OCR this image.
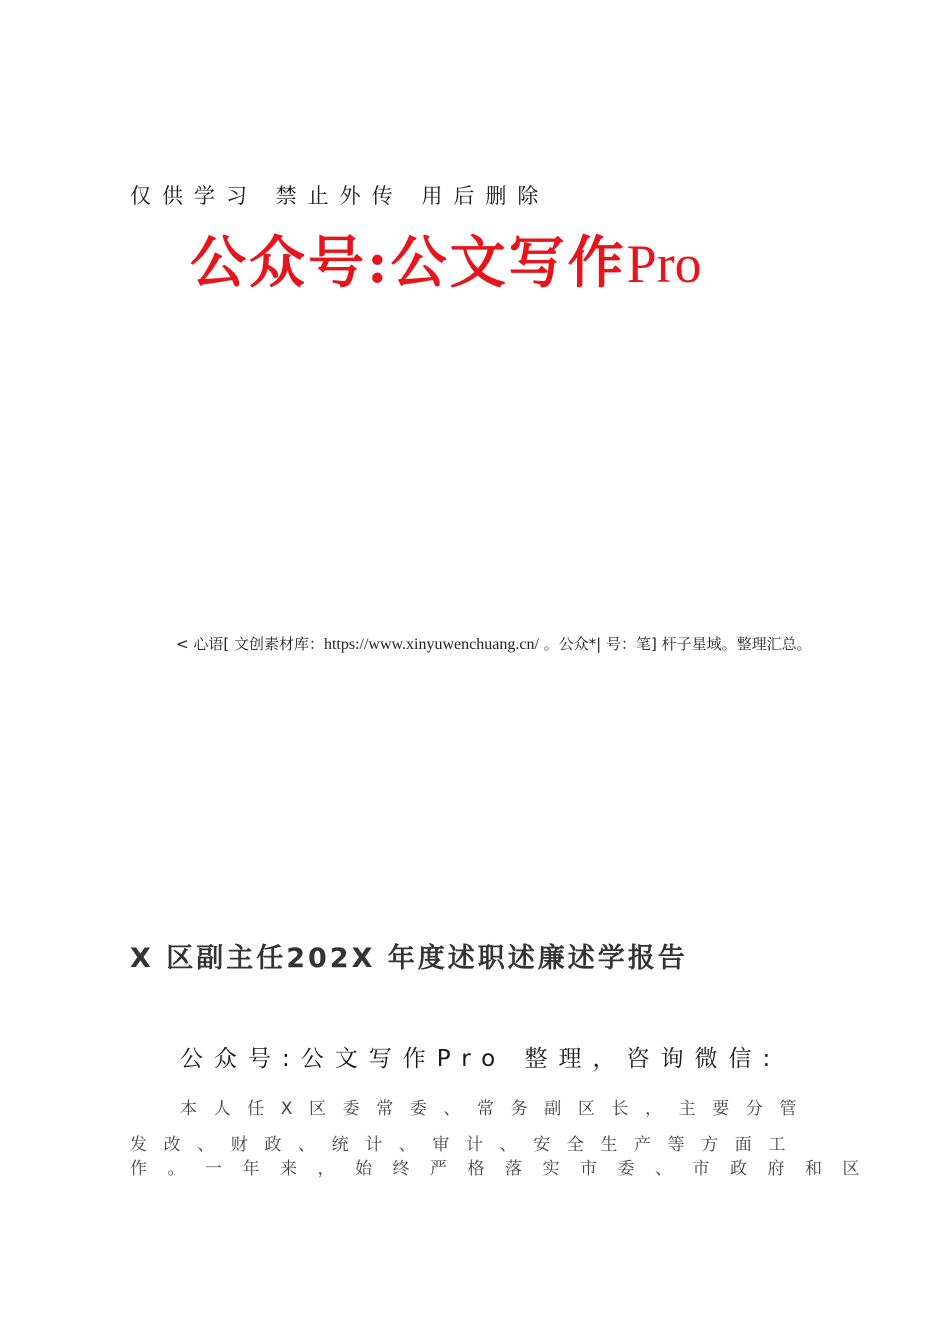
仅供学习 禁止外传 用后删除
公众号:公文写作Pro
< 心语[ 文创素材库：https://www.xinyuwenchuang.cn/ 。公众*| 号：笔] 杆子星域。整理汇总。
X 区副主任202X 年度述职述廉述学报告
公众号:公文写作Pro 整理，咨询微信:
本人任X区委常委、常务副区长，主要分管
发改、财政、统计、审计、安全生产等方面工
作。一年来，始终严格落实市委、市政府和区
